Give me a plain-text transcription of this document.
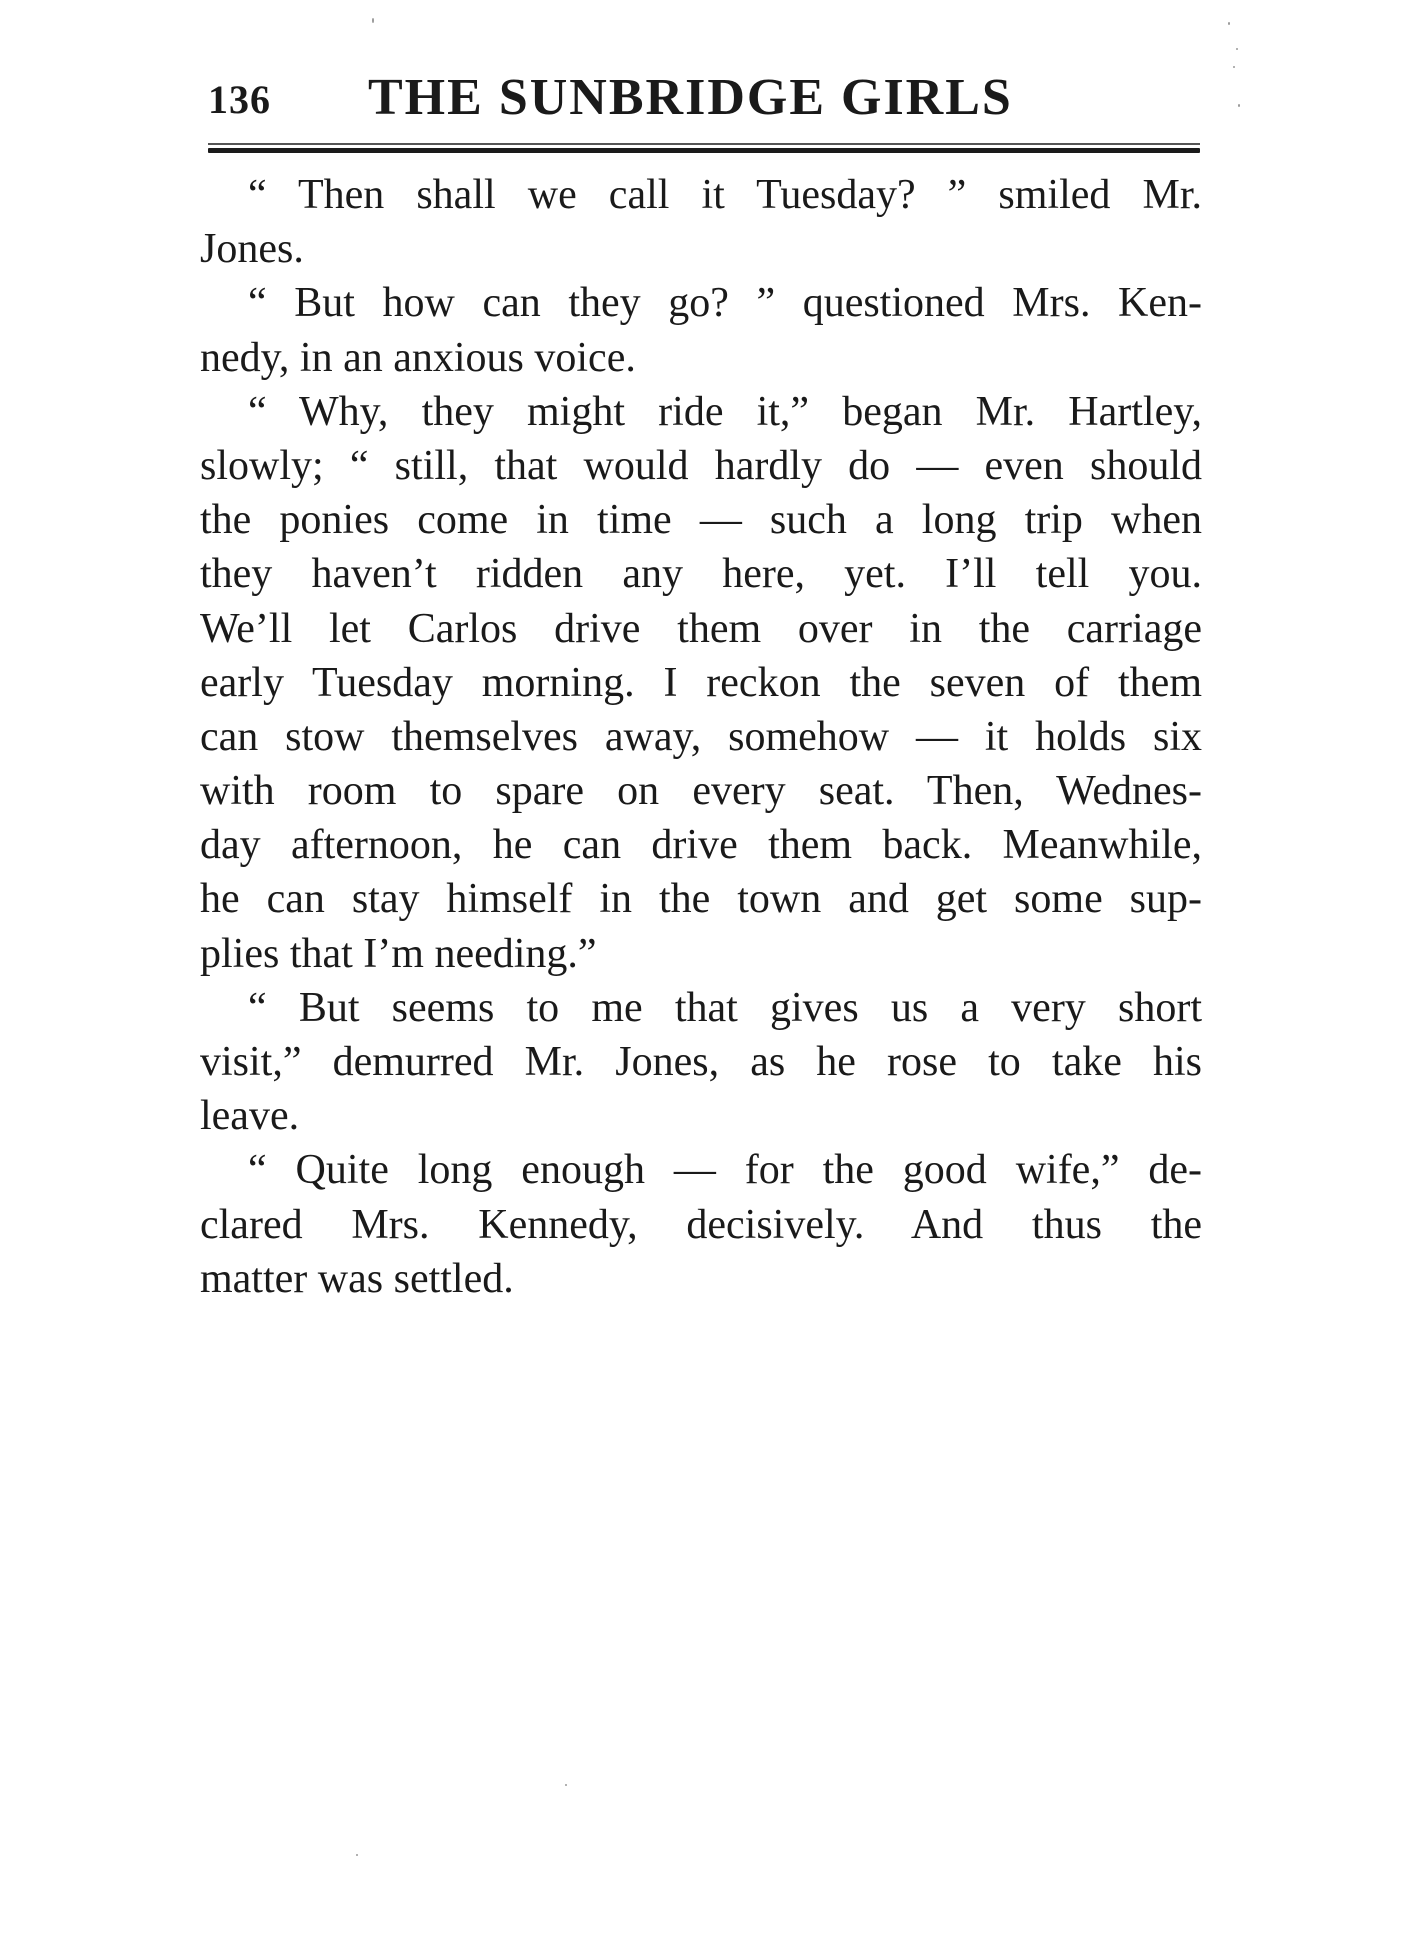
136 THE SUNBRIDGE GIRLS
“ Then shall we call it Tuesday? ” smiled Mr.
Jones.
“ But how can they go? ” questioned Mrs. Ken-
nedy, in an anxious voice.
“ Why, they might ride it,” began Mr. Hartley,
slowly; “ still, that would hardly do — even should
the ponies come in time — such a long trip when
they haven’t ridden any here, yet. I’ll tell you.
We’ll let Carlos drive them over in the carriage
early Tuesday morning. I reckon the seven of them
can stow themselves away, somehow — it holds six
with room to spare on every seat. Then, Wednes-
day afternoon, he can drive them back. Meanwhile,
he can stay himself in the town and get some sup-
plies that I’m needing.”
“ But seems to me that gives us a very short
visit,” demurred Mr. Jones, as he rose to take his
leave.
“ Quite long enough — for the good wife,” de-
clared Mrs. Kennedy, decisively. And thus the
matter was settled.
